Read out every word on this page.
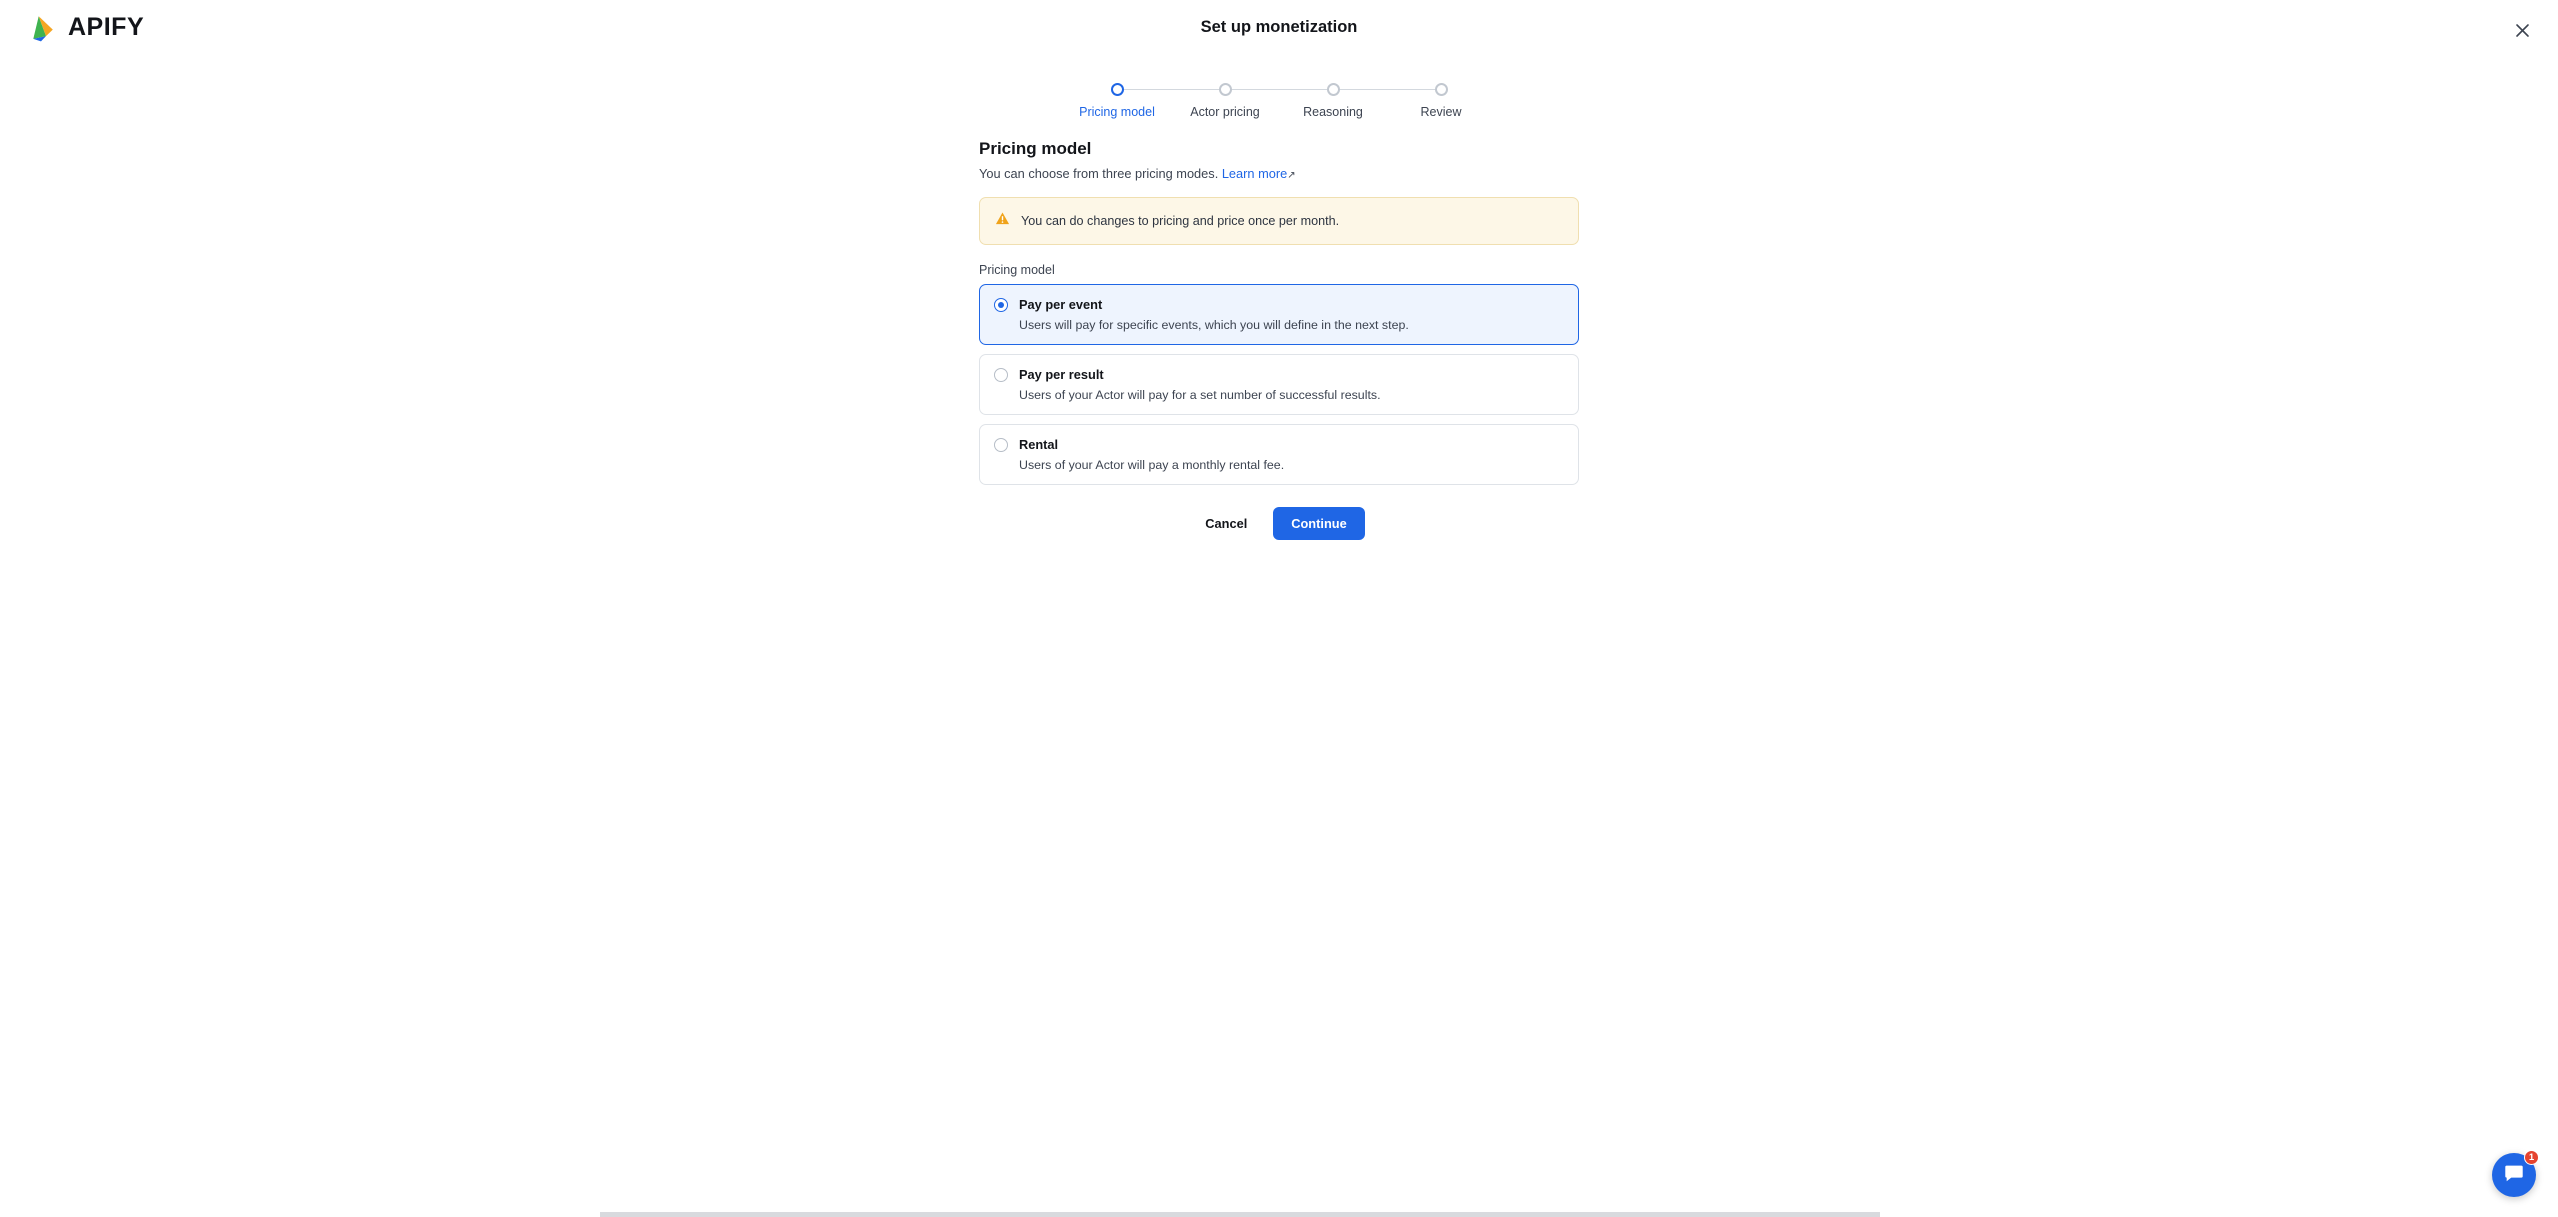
APIFY	Set up monetization
Pricing model	Actor pricing	Reasoning	Review
Pricing model

You can choose from three pricing modes. Learn more↗

You can do changes to pricing and price once per month.
Pricing model
Pay per event
Users will pay for specific events, which you will define in the next step.
Pay per result
Users of your Actor will pay for a set number of successful results.
Rental
Users of your Actor will pay a monthly rental fee.
Cancel	Continue
1
